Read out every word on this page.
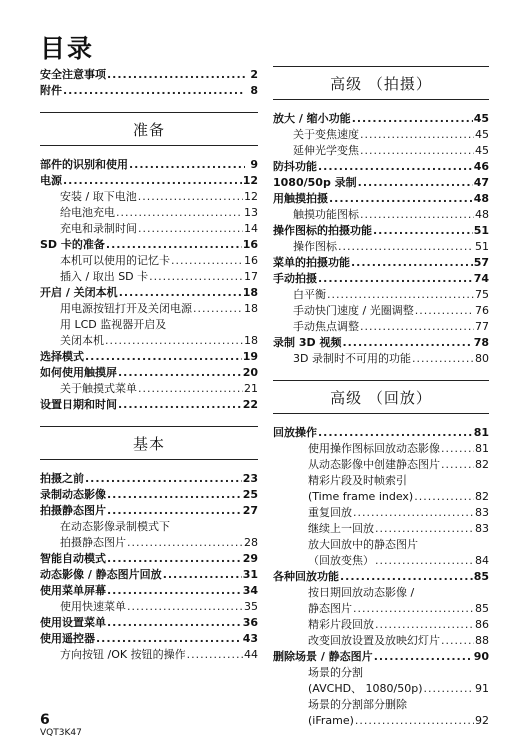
目录
安全注意事项 .....	2
附件 .....	8
准备
部件的识别和使用 .....	9
电源 .....	12
安装 / 取下电池 .....	12
给电池充电 .....	13
充电和录制时间 .....	14
SD 卡的准备 .....	16
本机可以使用的记忆卡 .....	16
插入 / 取出 SD 卡 .....	17
开启 / 关闭本机 .....	18
用电源按钮打开及关闭电源 .....	18
用 LCD 监视器开启及
关闭本机 .....	18
选择模式 .....	19
如何使用触摸屏 .....	20
关于触摸式菜单 .....	21
设置日期和时间 .....	22
基本
拍摄之前 .....	23
录制动态影像 .....	25
拍摄静态图片 .....	27
在动态影像录制模式下
拍摄静态图片 .....	28
智能自动模式 .....	29
动态影像 / 静态图片回放 .....	31
使用菜单屏幕 .....	34
使用快速菜单 .....	35
使用设置菜单 .....	36
使用遥控器 .....	43
方向按钮 /OK 按钮的操作 .....	44
高级 （拍摄）
放大 / 缩小功能 .....	45
关于变焦速度 .....	45
延伸光学变焦 .....	45
防抖功能 .....	46
1080/50p 录制 .....	47
用触摸拍摄 .....	48
触摸功能图标 .....	48
操作图标的拍摄功能 .....	51
操作图标 .....	51
菜单的拍摄功能 .....	57
手动拍摄 .....	74
白平衡 .....	75
手动快门速度 / 光圈调整 .....	76
手动焦点调整 .....	77
录制 3D 视频 .....	78
3D 录制时不可用的功能 .....	80
高级 （回放）
回放操作 .....	81
使用操作图标回放动态影像 .....	81
从动态影像中创建静态图片 .....	82
精彩片段及时帧索引
(Time frame index) .....	82
重复回放 .....	83
继续上一回放 .....	83
放大回放中的静态图片
（回放变焦） .....	84
各种回放功能 .....	85
按日期回放动态影像 /
静态图片 .....	85
精彩片段回放 .....	86
改变回放设置及放映幻灯片 .....	88
删除场景 / 静态图片 .....	90
场景的分割
(AVCHD、 1080/50p) .....	91
场景的分割部分删除
(iFrame) .....	92
6
VQT3K47
